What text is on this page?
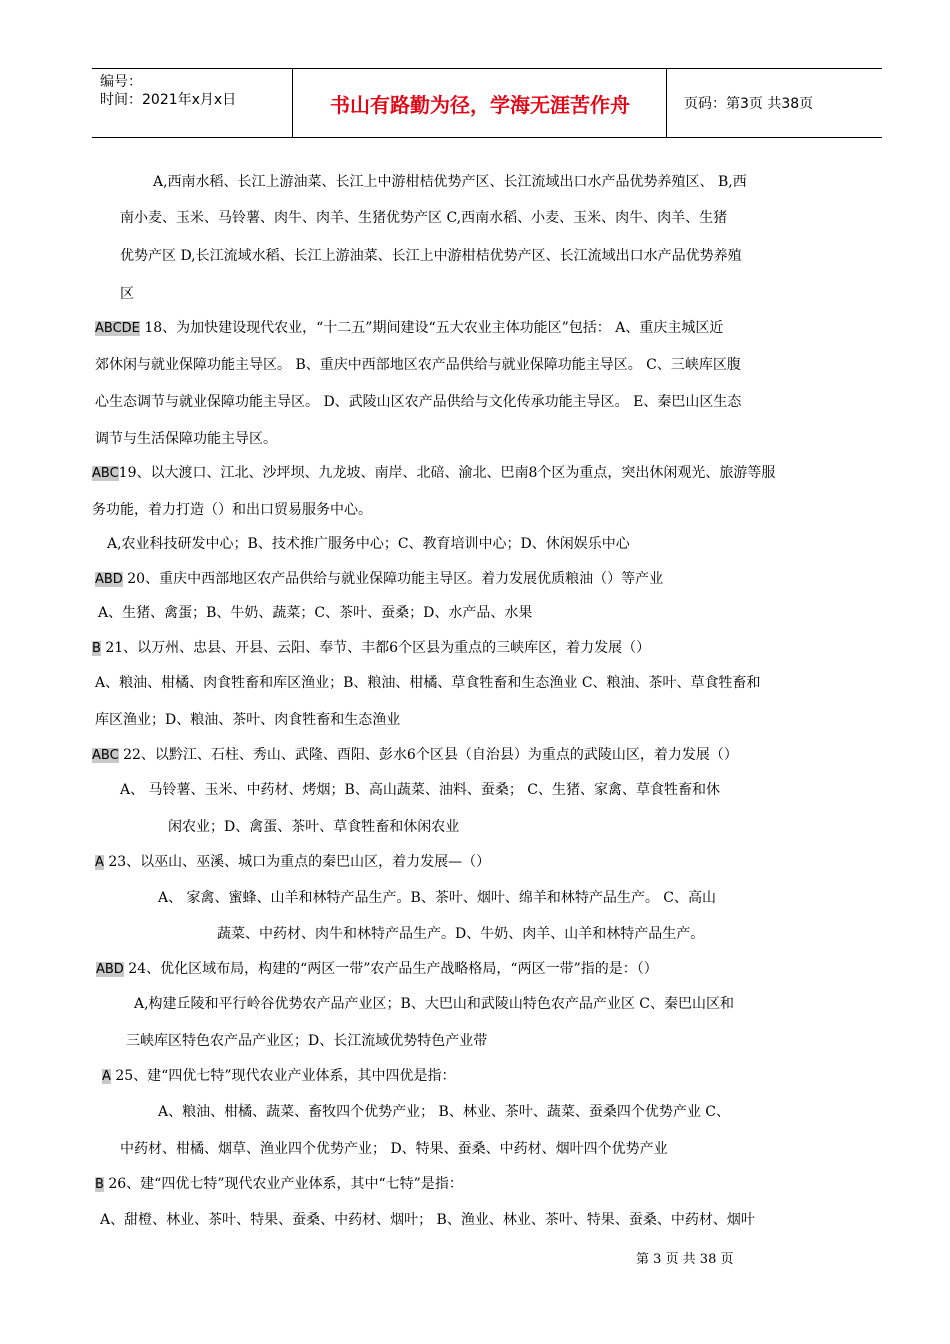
编号：
时间：2021年x月x日	书山有路勤为径，学海无涯苦作舟	页码：第3页 共38页
A,西南水稻、长江上游油菜、长江上中游柑桔优势产区、长江流域出口水产品优势养殖区、 B,西
南小麦、玉米、马铃薯、肉牛、肉羊、生猪优势产区 C,西南水稻、小麦、玉米、肉牛、肉羊、生猪
优势产区 D,长江流域水稻、长江上游油菜、长江上中游柑桔优势产区、长江流域出口水产品优势养殖
区
ABCDE 18、为加快建设现代农业，“十二五”期间建设“五大农业主体功能区”包括： A、重庆主城区近
郊休闲与就业保障功能主导区。 B、重庆中西部地区农产品供给与就业保障功能主导区。 C、三峡库区腹
心生态调节与就业保障功能主导区。 D、武陵山区农产品供给与文化传承功能主导区。 E、秦巴山区生态
调节与生活保障功能主导区。
ABC19、以大渡口、江北、沙坪坝、九龙坡、南岸、北碚、渝北、巴南8个区为重点，突出休闲观光、旅游等服
务功能，着力打造（）和出口贸易服务中心。
A,农业科技研发中心；B、技术推广服务中心；C、教育培训中心；D、休闲娱乐中心
ABD 20、重庆中西部地区农产品供给与就业保障功能主导区。着力发展优质粮油（）等产业
A、生猪、禽蛋；B、牛奶、蔬菜；C、茶叶、蚕桑；D、水产品、水果
B 21、以万州、忠县、开县、云阳、奉节、丰都6个区县为重点的三峡库区，着力发展（）
A、粮油、柑橘、肉食牲畜和库区渔业；B、粮油、柑橘、草食牲畜和生态渔业 C、粮油、茶叶、草食牲畜和
库区渔业；D、粮油、茶叶、肉食牲畜和生态渔业
ABC 22、以黔江、石柱、秀山、武隆、酉阳、彭水6个区县（自治县）为重点的武陵山区，着力发展（）
A、 马铃薯、玉米、中药材、烤烟；B、高山蔬菜、油料、蚕桑； C、生猪、家禽、草食牲畜和休
闲农业；D、禽蛋、茶叶、草食牲畜和休闲农业
A 23、以巫山、巫溪、城口为重点的秦巴山区，着力发展—（）
A、 家禽、蜜蜂、山羊和林特产品生产。B、茶叶、烟叶、绵羊和林特产品生产。 C、高山
蔬菜、中药材、肉牛和林特产品生产。D、牛奶、肉羊、山羊和林特产品生产。
ABD 24、优化区域布局，构建的“两区一带”农产品生产战略格局，“两区一带”指的是：（）
A,构建丘陵和平行岭谷优势农产品产业区；B、大巴山和武陵山特色农产品产业区 C、秦巴山区和
三峡库区特色农产品产业区；D、长江流域优势特色产业带
A 25、建“四优七特”现代农业产业体系，其中四优是指：
A、粮油、柑橘、蔬菜、畜牧四个优势产业； B、林业、茶叶、蔬菜、蚕桑四个优势产业 C、
中药材、柑橘、烟草、渔业四个优势产业； D、特果、蚕桑、中药材、烟叶四个优势产业
B 26、建“四优七特”现代农业产业体系，其中“七特”是指：
A、甜橙、林业、茶叶、特果、蚕桑、中药材、烟叶； B、渔业、林业、茶叶、特果、蚕桑、中药材、烟叶
第 3 页 共 38 页
